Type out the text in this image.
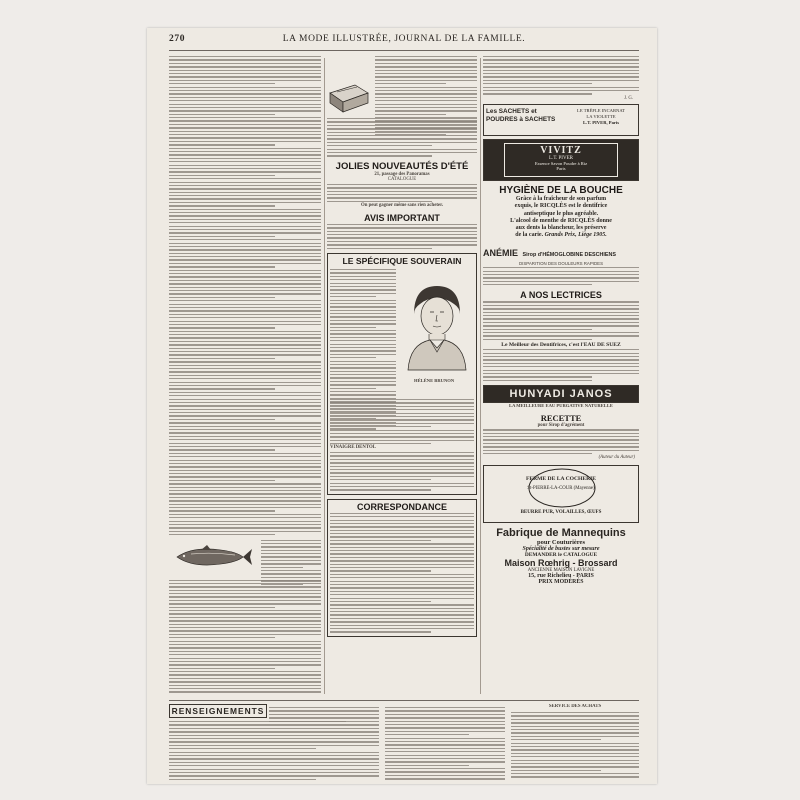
270	LA MODE ILLUSTRÉE, JOURNAL DE LA FAMILLE.
JOLIES NOUVEAUTÉS D'ÉTÉ
21, passage des Panoramas
CATALOGUE
On peut gagner même sans rien acheter.
AVIS IMPORTANT
LE SPÉCIFIQUE SOUVERAIN
HÉLÈNE BRUNON
VINAIGRE DENTOL
CORRESPONDANCE
J. G.
Les SACHETS et
POUDRES à SACHETS
LE TRÈFLE INCARNAT
LA VIOLETTE
L.T. PIVER, Paris
VIVITZ
L.T. PIVER
Essence Savon Poudre à Riz
Paris
HYGIÈNE DE LA BOUCHE
Grâce à la fraîcheur de son parfum
exquis, le RICQLÈS est le dentifrice
antiseptique le plus agréable.
L'alcool de menthe de RICQLÈS donne
aux dents la blancheur, les préserve
de la carie. Grands Prix, Liège 1905.
ANÉMIE Sirop d'HÉMOGLOBINE DESCHIENS
DISPARITION DES DOULEURS RAPIDES
A NOS LECTRICES
Le Meilleur des Dentifrices, c'est l'EAU DE SUEZ
HUNYADI JANOS
LA MEILLEURE EAU PURGATIVE NATURELLE
RECETTE
pour Sirop d'agrément
(Auteur du Auteur)
FERME DE LA COCHERIE
St-PIERRE-LA-COUR (Mayenne)
BEURRE PUR, VOLAILLES, ŒUFS
Fabrique de Mannequins
pour Couturières
Spécialité de bustes sur mesure
DEMANDER le CATALOGUE
Maison Rœhrig - Brossard
ANCIENNE MAISON LAVIGNE
15, rue Richelieu - PARIS
PRIX MODÉRÉS
RENSEIGNEMENTS	SERVICE DES ACHATS
